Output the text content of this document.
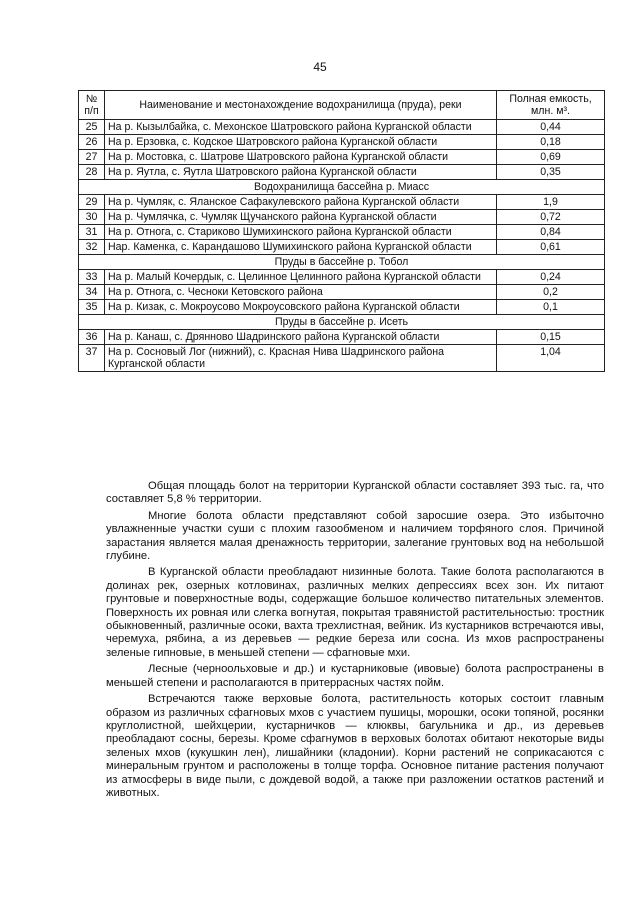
45
№ п/п	Наименование и местонахождение водохранилища (пруда), реки	Полная емкость, млн. м³.
25	На р. Кызылбайка, с. Мехонское Шатровского района Курганской области	0,44
26	На р. Ерзовка, с. Кодское Шатровского района Курганской области	0,18
27	На р. Мостовка, с. Шатрове Шатровского района Курганской области	0,69
28	На р. Яутла, с. Яутла Шатровского района Курганской области	0,35
Водохранилища бассейна р. Миасс		
29	На р. Чумляк, с. Яланское Сафакулевского района Курганской области	1,9
30	На р. Чумлячка, с. Чумляк Щучанского района Курганской области	0,72
31	На р. Отнога, с. Стариково Шумихинского района Курганской области	0,84
32	Нар. Каменка, с. Карандашово Шумихинского района Курганской области	0,61
Пруды в бассейне р. Тобол		
33	На р. Малый Кочердык, с. Целинное Целинного района Курганской области	0,24
34	На р. Отнога, с. Чесноки Кетовского района	0,2
35	На р. Кизак, с. Мокроусово Мокроусовского района Курганской области	0,1
Пруды в бассейне р. Исеть		
36	На р. Канаш, с. Дрянново Шадринского района Курганской области	0,15
37	На р. Сосновый Лог (нижний), с. Красная Нива Шадринского района Курганской области	1,04

Общая площадь болот на территории Курганской области составляет 393 тыс. га, что составляет 5,8 % территории.

Многие болота области представляют собой заросшие озера. Это избыточно увлажненные участки суши с плохим газообменом и наличием торфяного слоя. Причиной зарастания является малая дренажность территории, залегание грунтовых вод на небольшой глубине.

В Курганской области преобладают низинные болота. Такие болота располагаются в долинах рек, озерных котловинах, различных мелких депрессиях всех зон. Их питают грунтовые и поверхностные воды, содержащие большое количество питательных элементов. Поверхность их ровная или слегка вогнутая, покрытая травянистой растительностью: тростник обыкновенный, различные осоки, вахта трехлистная, вейник. Из кустарников встречаются ивы, черемуха, рябина, а из деревьев — редкие береза или сосна. Из мхов распространены зеленые гипновые, в меньшей степени — сфагновые мхи.

Лесные (черноольховые и др.) и кустарниковые (ивовые) болота распространены в меньшей степени и располагаются в притеррасных частях пойм.

Встречаются также верховые болота, растительность которых состоит главным образом из различных сфагновых мхов с участием пушицы, морошки, осоки топяной, росянки круглолистной, шейхцерии, кустарничков — клюквы, багульника и др., из деревьев преобладают сосны, березы. Кроме сфагнумов в верховых болотах обитают некоторые виды зеленых мхов (кукушкин лен), лишайники (кладонии). Корни растений не соприкасаются с минеральным грунтом и расположены в толще торфа. Основное питание растения получают из атмосферы в виде пыли, с дождевой водой, а также при разложении остатков растений и животных.
